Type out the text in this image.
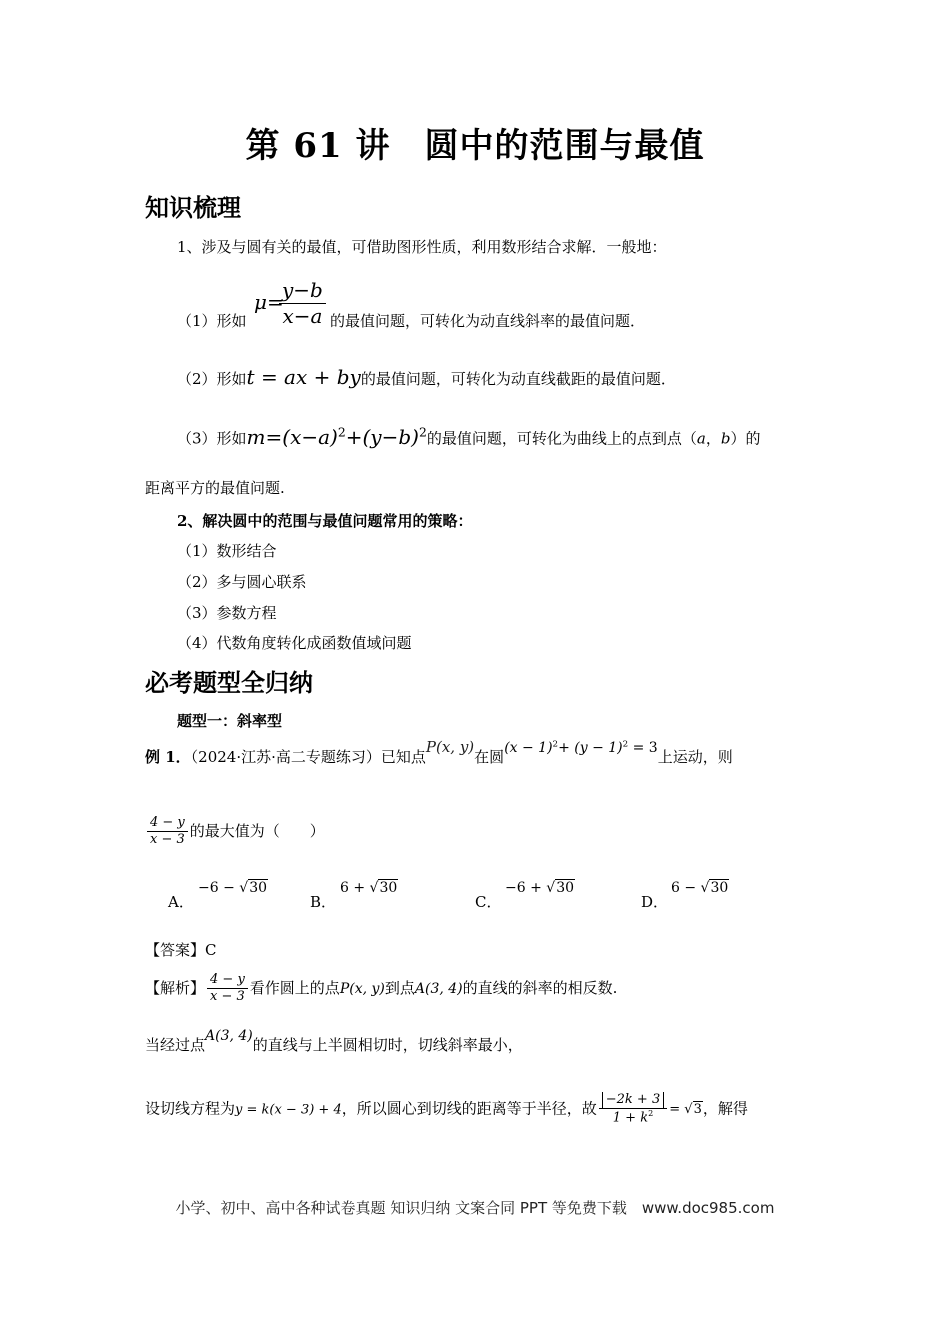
第 61 讲 圆中的范围与最值
知识梳理
1、涉及与圆有关的最值，可借助图形性质，利用数形结合求解．一般地：
（1）形如
μ=
$\frac{y-b}{x-a}$ 的最值问题，可转化为动直线斜率的最值问题．
（2）形如t = ax + by的最值问题，可转化为动直线截距的最值问题．
（3）形如$m=(x-a)^2+(y-b)^2$的最值问题，可转化为曲线上的点到点（a，b）的
距离平方的最值问题.
2、解决圆中的范围与最值问题常用的策略：
（1）数形结合
（2）多与圆心联系
（3）参数方程
（4）代数角度转化成函数值域问题
必考题型全归纳
题型一：斜率型
例 1．（2024·江苏·高二专题练习）已知点P(x, y)在圆$(x - 1)^2+ (y - 1)^2 = 3$上运动，则
$\frac{4 - y}{x - 3}$ 的最大值为（　　）
A．
−6 − √30
B．
6 + √30
C．
−6 + √30
D．
6 − √30
【答案】C
【解析】 $\frac{4 - y}{x - 3}$ 看作圆上的点P(x, y)到点A(3, 4)的直线的斜率的相反数.
当经过点A(3, 4)的直线与上半圆相切时，切线斜率最小，
设切线方程为y = k(x − 3) + 4，所以圆心到切线的距离等于半径，故 $\frac{-2k + 3}{1 + k^2} = √3$，解得
小学、初中、高中各种试卷真题 知识归纳 文案合同 PPT 等免费下载　www.doc985.com
